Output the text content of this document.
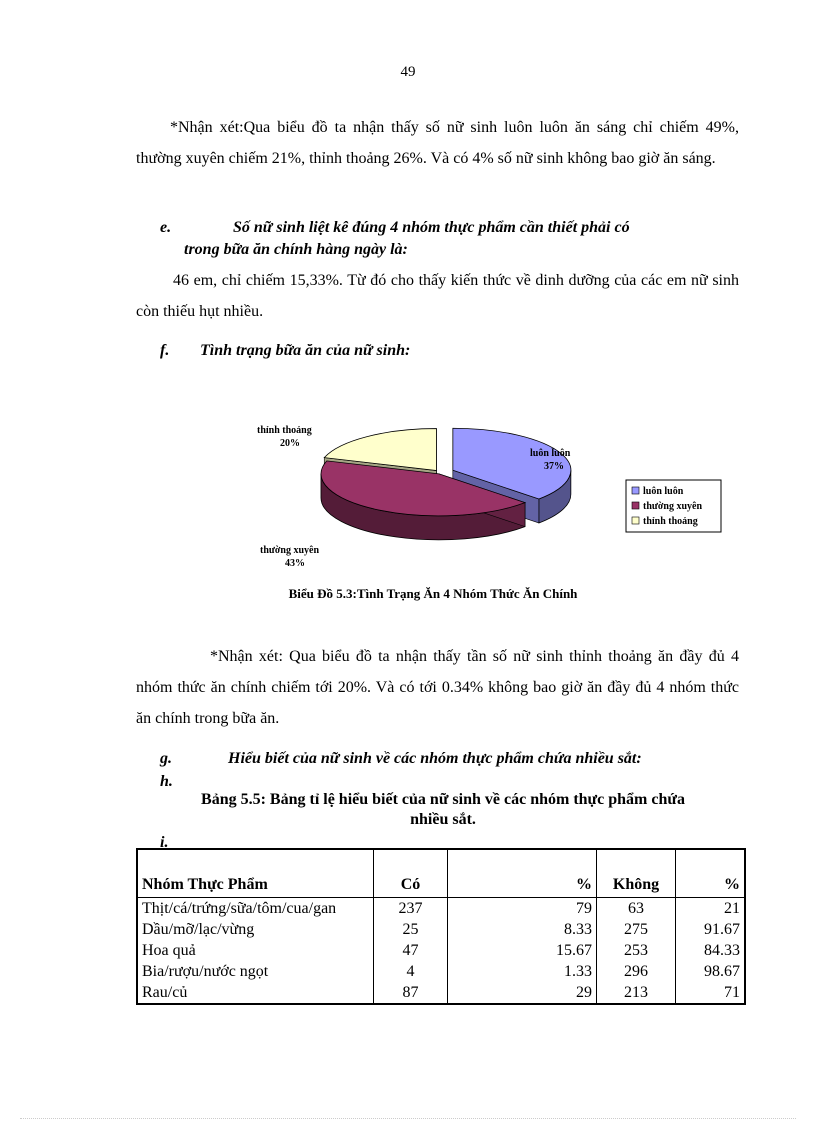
49
*Nhận xét:Qua biểu đồ ta nhận thấy số nữ sinh luôn luôn ăn sáng chỉ chiếm 49%, thường xuyên chiếm 21%, thỉnh thoảng 26%. Và có 4% số nữ sinh không bao giờ ăn sáng.
e.	Số nữ sinh liệt kê đúng 4 nhóm thực phẩm cần thiết phải có
trong bữa ăn chính hàng ngày là:
46 em, chỉ chiếm 15,33%. Từ đó cho thấy kiến thức về dinh dưỡng của các em nữ sinh còn thiếu hụt nhiều.
f. Tình trạng bữa ăn của nữ sinh:
luôn luôn
thường xuyên
thỉnh thoảng
thỉnh thoảng
20%
luôn luôn
37%
thường xuyên
43%
Biểu Đồ 5.3:Tình Trạng Ăn 4 Nhóm Thức Ăn Chính
*Nhận xét: Qua biểu đồ ta nhận thấy tần số nữ sinh thỉnh thoảng ăn đầy đủ 4 nhóm thức ăn chính chiếm tới 20%. Và có tới 0.34% không bao giờ ăn đầy đủ 4 nhóm thức ăn chính trong bữa ăn.
g.	Hiểu biết của nữ sinh về các nhóm thực phẩm chứa nhiều sắt:
h.
Bảng 5.5: Bảng tỉ lệ hiểu biết của nữ sinh về các nhóm thực phẩm chứa
nhiều sắt.
i.
Nhóm Thực Phẩm	Có	%	Không	%
Thịt/cá/trứng/sữa/tôm/cua/gan	237	79	63	21
Dầu/mỡ/lạc/vừng	25	8.33	275	91.67
Hoa quả	47	15.67	253	84.33
Bia/rượu/nước ngọt	4	1.33	296	98.67
Rau/củ	87	29	213	71
